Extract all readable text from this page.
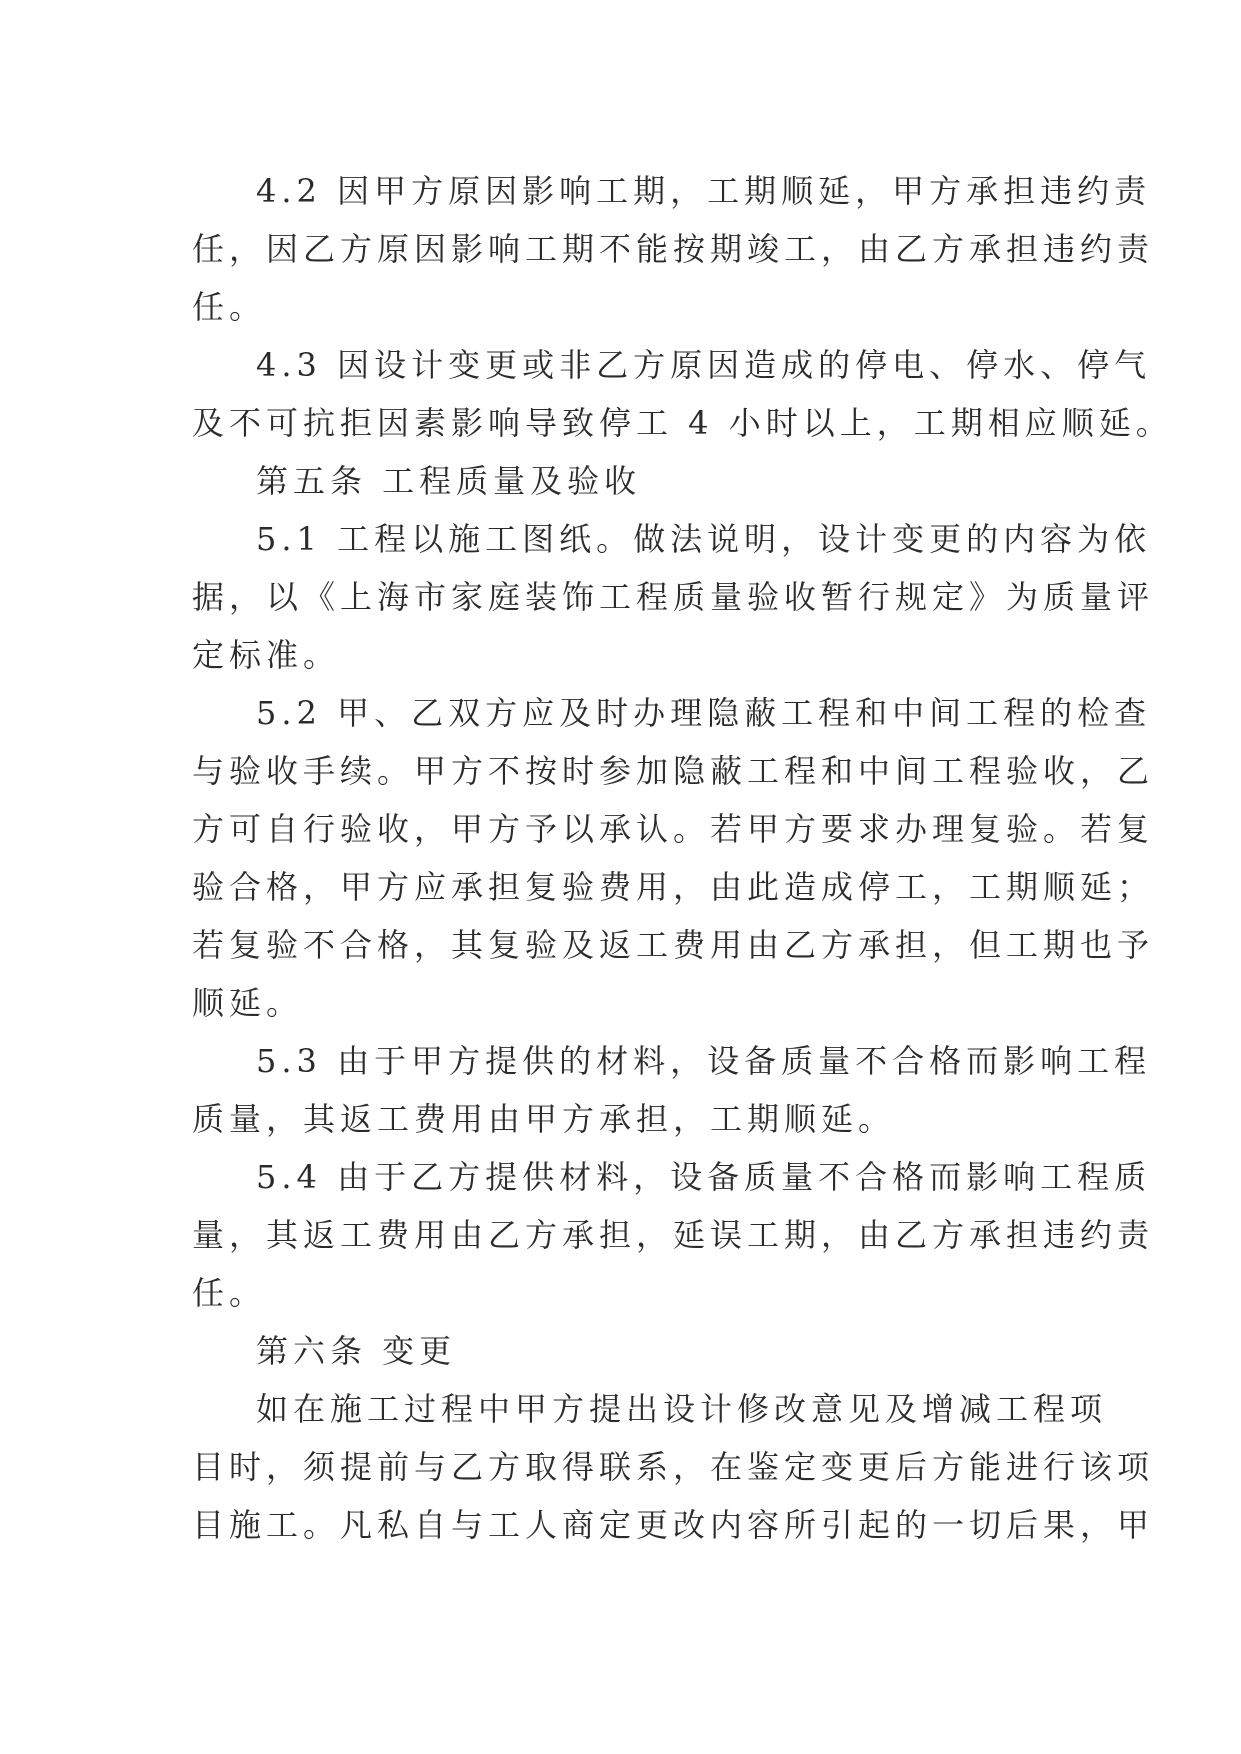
4.2 因甲方原因影响工期，工期顺延，甲方承担违约责
任，因乙方原因影响工期不能按期竣工，由乙方承担违约责
任。
4.3 因设计变更或非乙方原因造成的停电、停水、停气
及不可抗拒因素影响导致停工 4 小时以上，工期相应顺延。
第五条 工程质量及验收
5.1 工程以施工图纸。做法说明，设计变更的内容为依
据，以《上海市家庭装饰工程质量验收暂行规定》为质量评
定标准。
5.2 甲、乙双方应及时办理隐蔽工程和中间工程的检查
与验收手续。甲方不按时参加隐蔽工程和中间工程验收，乙
方可自行验收，甲方予以承认。若甲方要求办理复验。若复
验合格，甲方应承担复验费用，由此造成停工，工期顺延；
若复验不合格，其复验及返工费用由乙方承担，但工期也予
顺延。
5.3 由于甲方提供的材料，设备质量不合格而影响工程
质量，其返工费用由甲方承担，工期顺延。
5.4 由于乙方提供材料，设备质量不合格而影响工程质
量，其返工费用由乙方承担，延误工期，由乙方承担违约责
任。
第六条 变更
如在施工过程中甲方提出设计修改意见及增减工程项
目时，须提前与乙方取得联系，在鉴定变更后方能进行该项
目施工。凡私自与工人商定更改内容所引起的一切后果，甲
